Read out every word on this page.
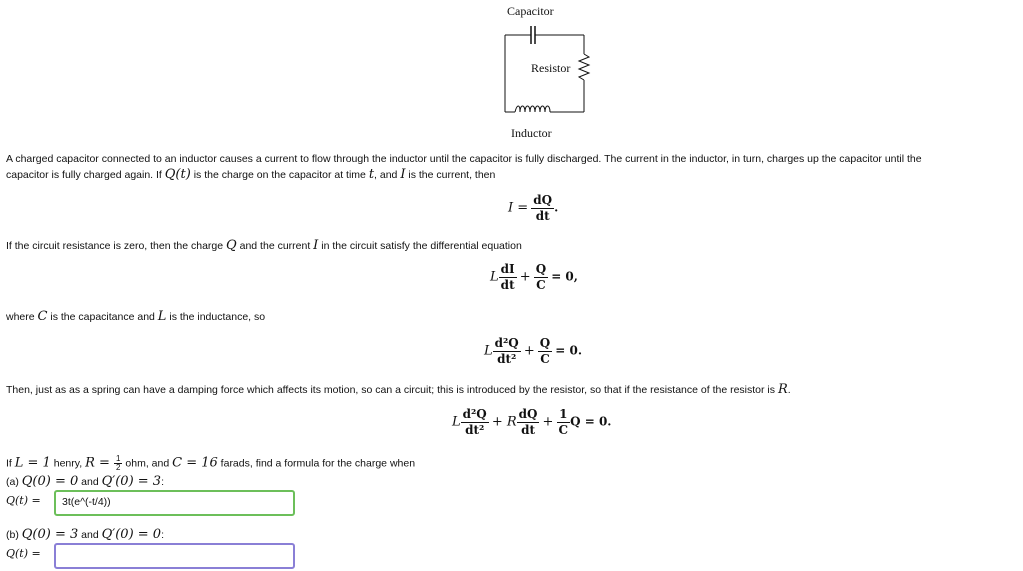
Capacitor
Resistor
Inductor
A charged capacitor connected to an inductor causes a current to flow through the inductor until the capacitor is fully discharged. The current in the inductor, in turn, charges up the capacitor until the
capacitor is fully charged again. If Q(t) is the charge on the capacitor at time t, and I is the current, then
$I = \frac{dQ}{dt}$ .
If the circuit resistance is zero, then the charge Q and the current I in the circuit satisfy the differential equation
L $\frac{dI}{dt} + \frac{Q}{C} = 0$,
where C is the capacitance and L is the inductance, so
L $\frac{\text{d²Q}}{\text{dt²}} + \frac{Q}{C} = 0$.
Then, just as as a spring can have a damping force which affects its motion, so can a circuit; this is introduced by the resistor, so that if the resistance of the resistor is R.
L $\frac{\text{d²Q}}{\text{dt²}} + R \frac{dQ}{dt} + \frac{1}{C}$ Q = 0.
If L = 1 henry, $R = \frac{1}{2}$ ohm, and C = 16 farads, find a formula for the charge when
(a) Q(0) = 0 and Q′(0) = 3:
Q(t) =	3t(e^(-t/4))
(b) Q(0) = 3 and Q′(0) = 0:
Q(t) =
